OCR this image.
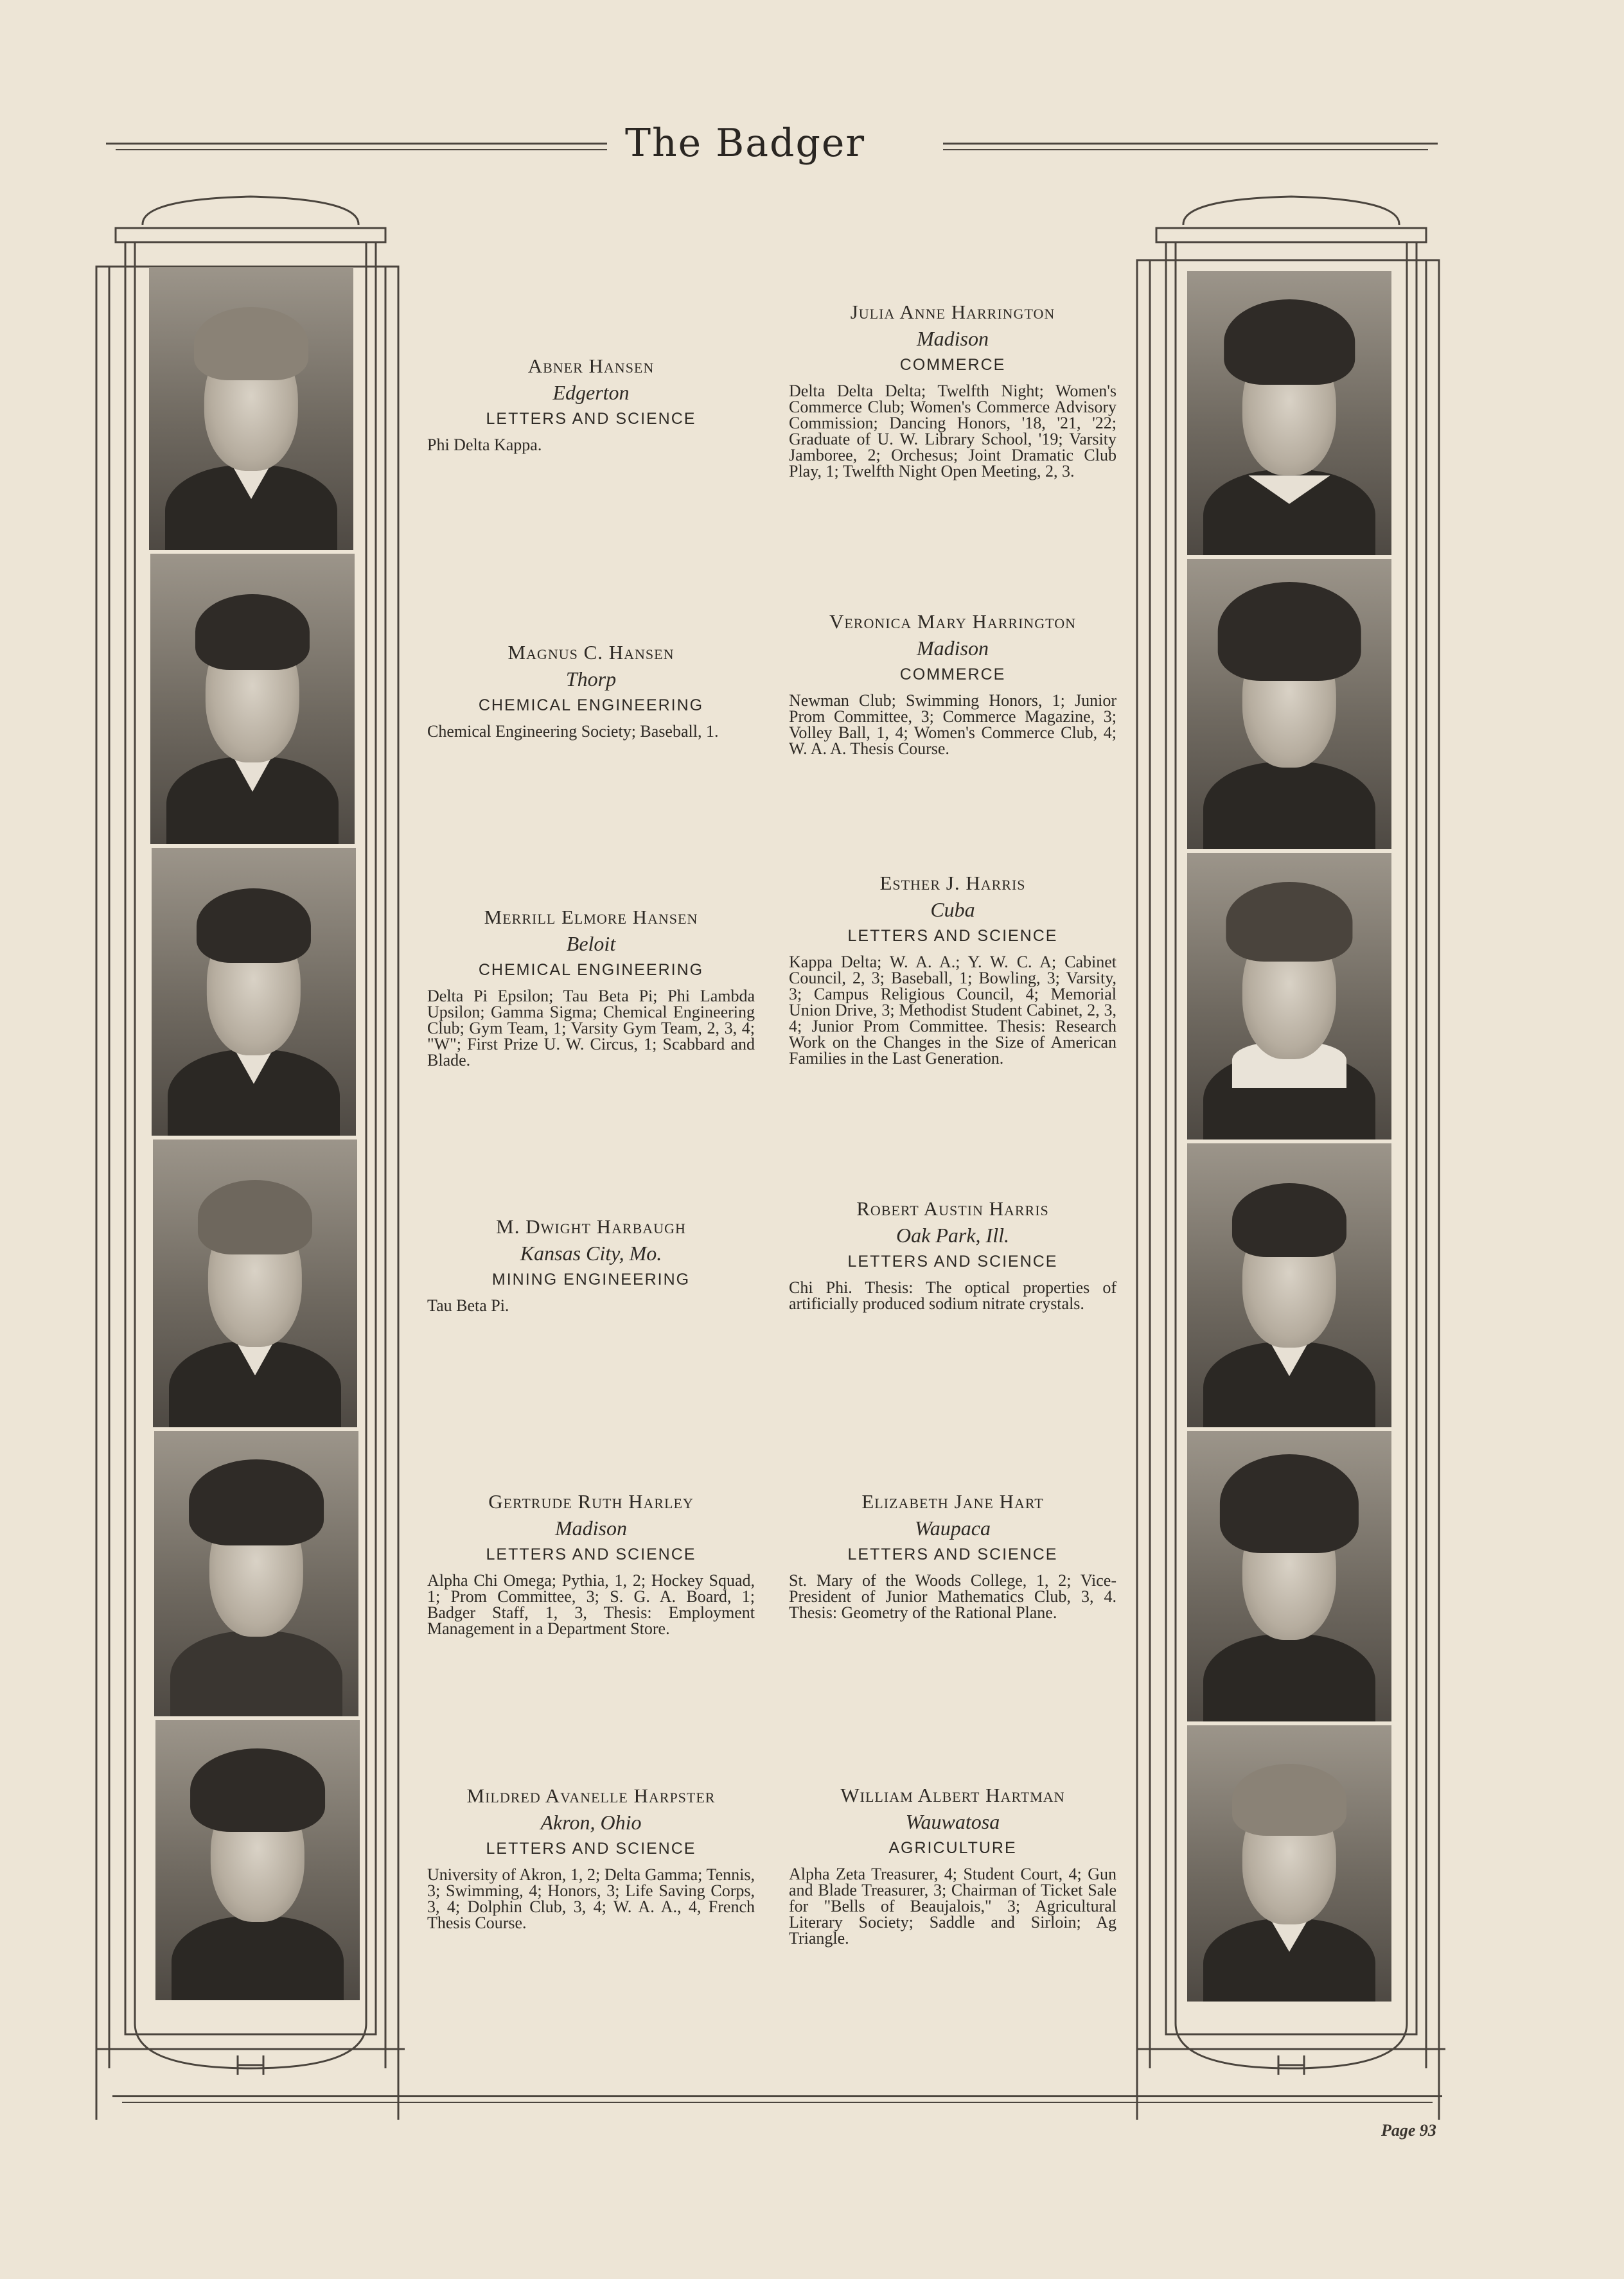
The Badger
Abner Hansen
Edgerton
LETTERS AND SCIENCE
Phi Delta Kappa.
Magnus C. Hansen
Thorp
CHEMICAL ENGINEERING
Chemical Engineering Society; Baseball, 1.
Merrill Elmore Hansen
Beloit
CHEMICAL ENGINEERING
Delta Pi Epsilon; Tau Beta Pi; Phi Lambda Upsilon; Gamma Sigma; Chemical Engineering Club; Gym Team, 1; Varsity Gym Team, 2, 3, 4; "W"; First Prize U. W. Circus, 1; Scabbard and Blade.
M. Dwight Harbaugh
Kansas City, Mo.
MINING ENGINEERING
Tau Beta Pi.
Gertrude Ruth Harley
Madison
LETTERS AND SCIENCE
Alpha Chi Omega; Pythia, 1, 2; Hockey Squad, 1; Prom Committee, 3; S. G. A. Board, 1; Badger Staff, 1, 3, Thesis: Employment Management in a Department Store.
Mildred Avanelle Harpster
Akron, Ohio
LETTERS AND SCIENCE
University of Akron, 1, 2; Delta Gamma; Tennis, 3; Swimming, 4; Honors, 3; Life Saving Corps, 3, 4; Dolphin Club, 3, 4; W. A. A., 4, French Thesis Course.
Julia Anne Harrington
Madison
COMMERCE
Delta Delta Delta; Twelfth Night; Women's Commerce Club; Women's Commerce Advisory Commission; Dancing Honors, '18, '21, '22; Graduate of U. W. Library School, '19; Varsity Jamboree, 2; Orchesus; Joint Dramatic Club Play, 1; Twelfth Night Open Meeting, 2, 3.
Veronica Mary Harrington
Madison
COMMERCE
Newman Club; Swimming Honors, 1; Junior Prom Committee, 3; Commerce Magazine, 3; Volley Ball, 1, 4; Women's Commerce Club, 4; W. A. A. Thesis Course.
Esther J. Harris
Cuba
LETTERS AND SCIENCE
Kappa Delta; W. A. A.; Y. W. C. A; Cabinet Council, 2, 3; Baseball, 1; Bowling, 3; Varsity, 3; Campus Religious Council, 4; Memorial Union Drive, 3; Methodist Student Cabinet, 2, 3, 4; Junior Prom Committee. Thesis: Research Work on the Changes in the Size of American Families in the Last Generation.
Robert Austin Harris
Oak Park, Ill.
LETTERS AND SCIENCE
Chi Phi. Thesis: The optical properties of artificially produced sodium nitrate crystals.
Elizabeth Jane Hart
Waupaca
LETTERS AND SCIENCE
St. Mary of the Woods College, 1, 2; Vice-President of Junior Mathematics Club, 3, 4. Thesis: Geometry of the Rational Plane.
William Albert Hartman
Wauwatosa
AGRICULTURE
Alpha Zeta Treasurer, 4; Student Court, 4; Gun and Blade Treasurer, 3; Chairman of Ticket Sale for "Bells of Beaujalois," 3; Agricultural Literary Society; Saddle and Sirloin; Ag Triangle.
Page 93
